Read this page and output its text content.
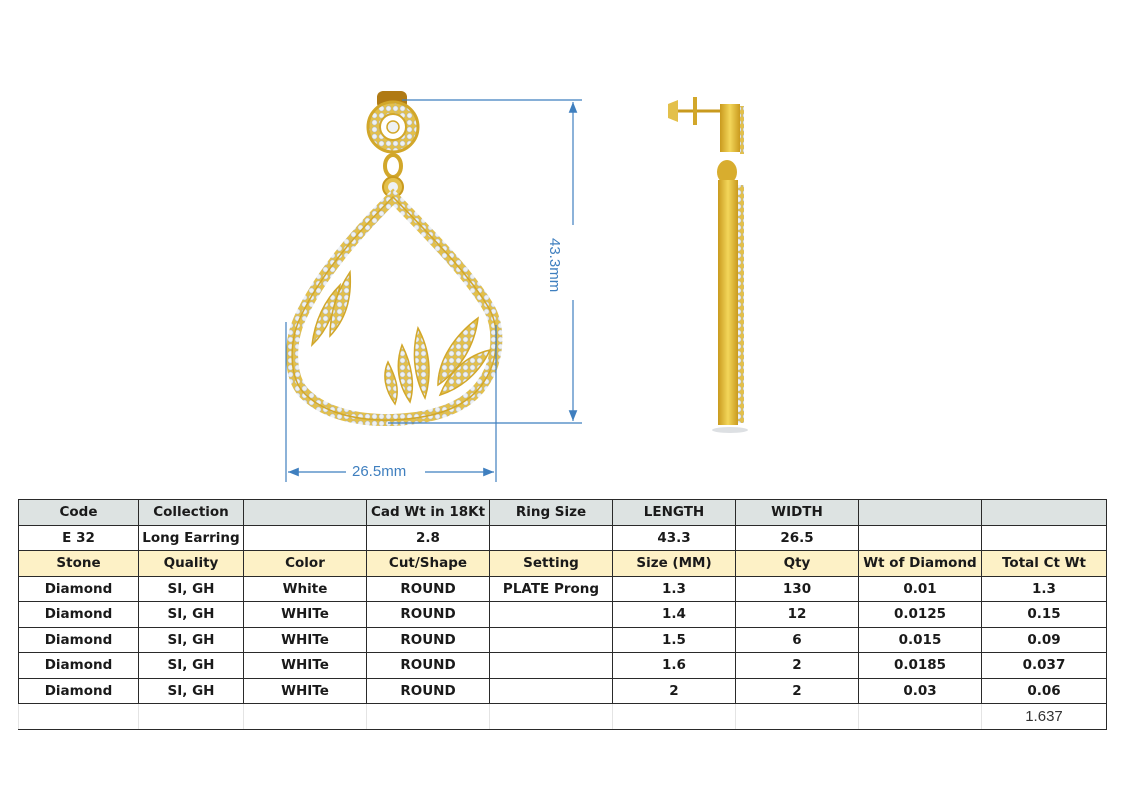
26.5mm
43.3mm
Code	Collection		Cad Wt in 18Kt	Ring Size	LENGTH	WIDTH		
E 32	Long Earring		2.8		43.3	26.5		
Stone	Quality	Color	Cut/Shape	Setting	Size (MM)	Qty	Wt of Diamond	Total Ct Wt
Diamond	SI, GH	White	ROUND	PLATE Prong	1.3	130	0.01	1.3
Diamond	SI, GH	WHITe	ROUND		1.4	12	0.0125	0.15
Diamond	SI, GH	WHITe	ROUND		1.5	6	0.015	0.09
Diamond	SI, GH	WHITe	ROUND		1.6	2	0.0185	0.037
Diamond	SI, GH	WHITe	ROUND		2	2	0.03	0.06
								1.637
